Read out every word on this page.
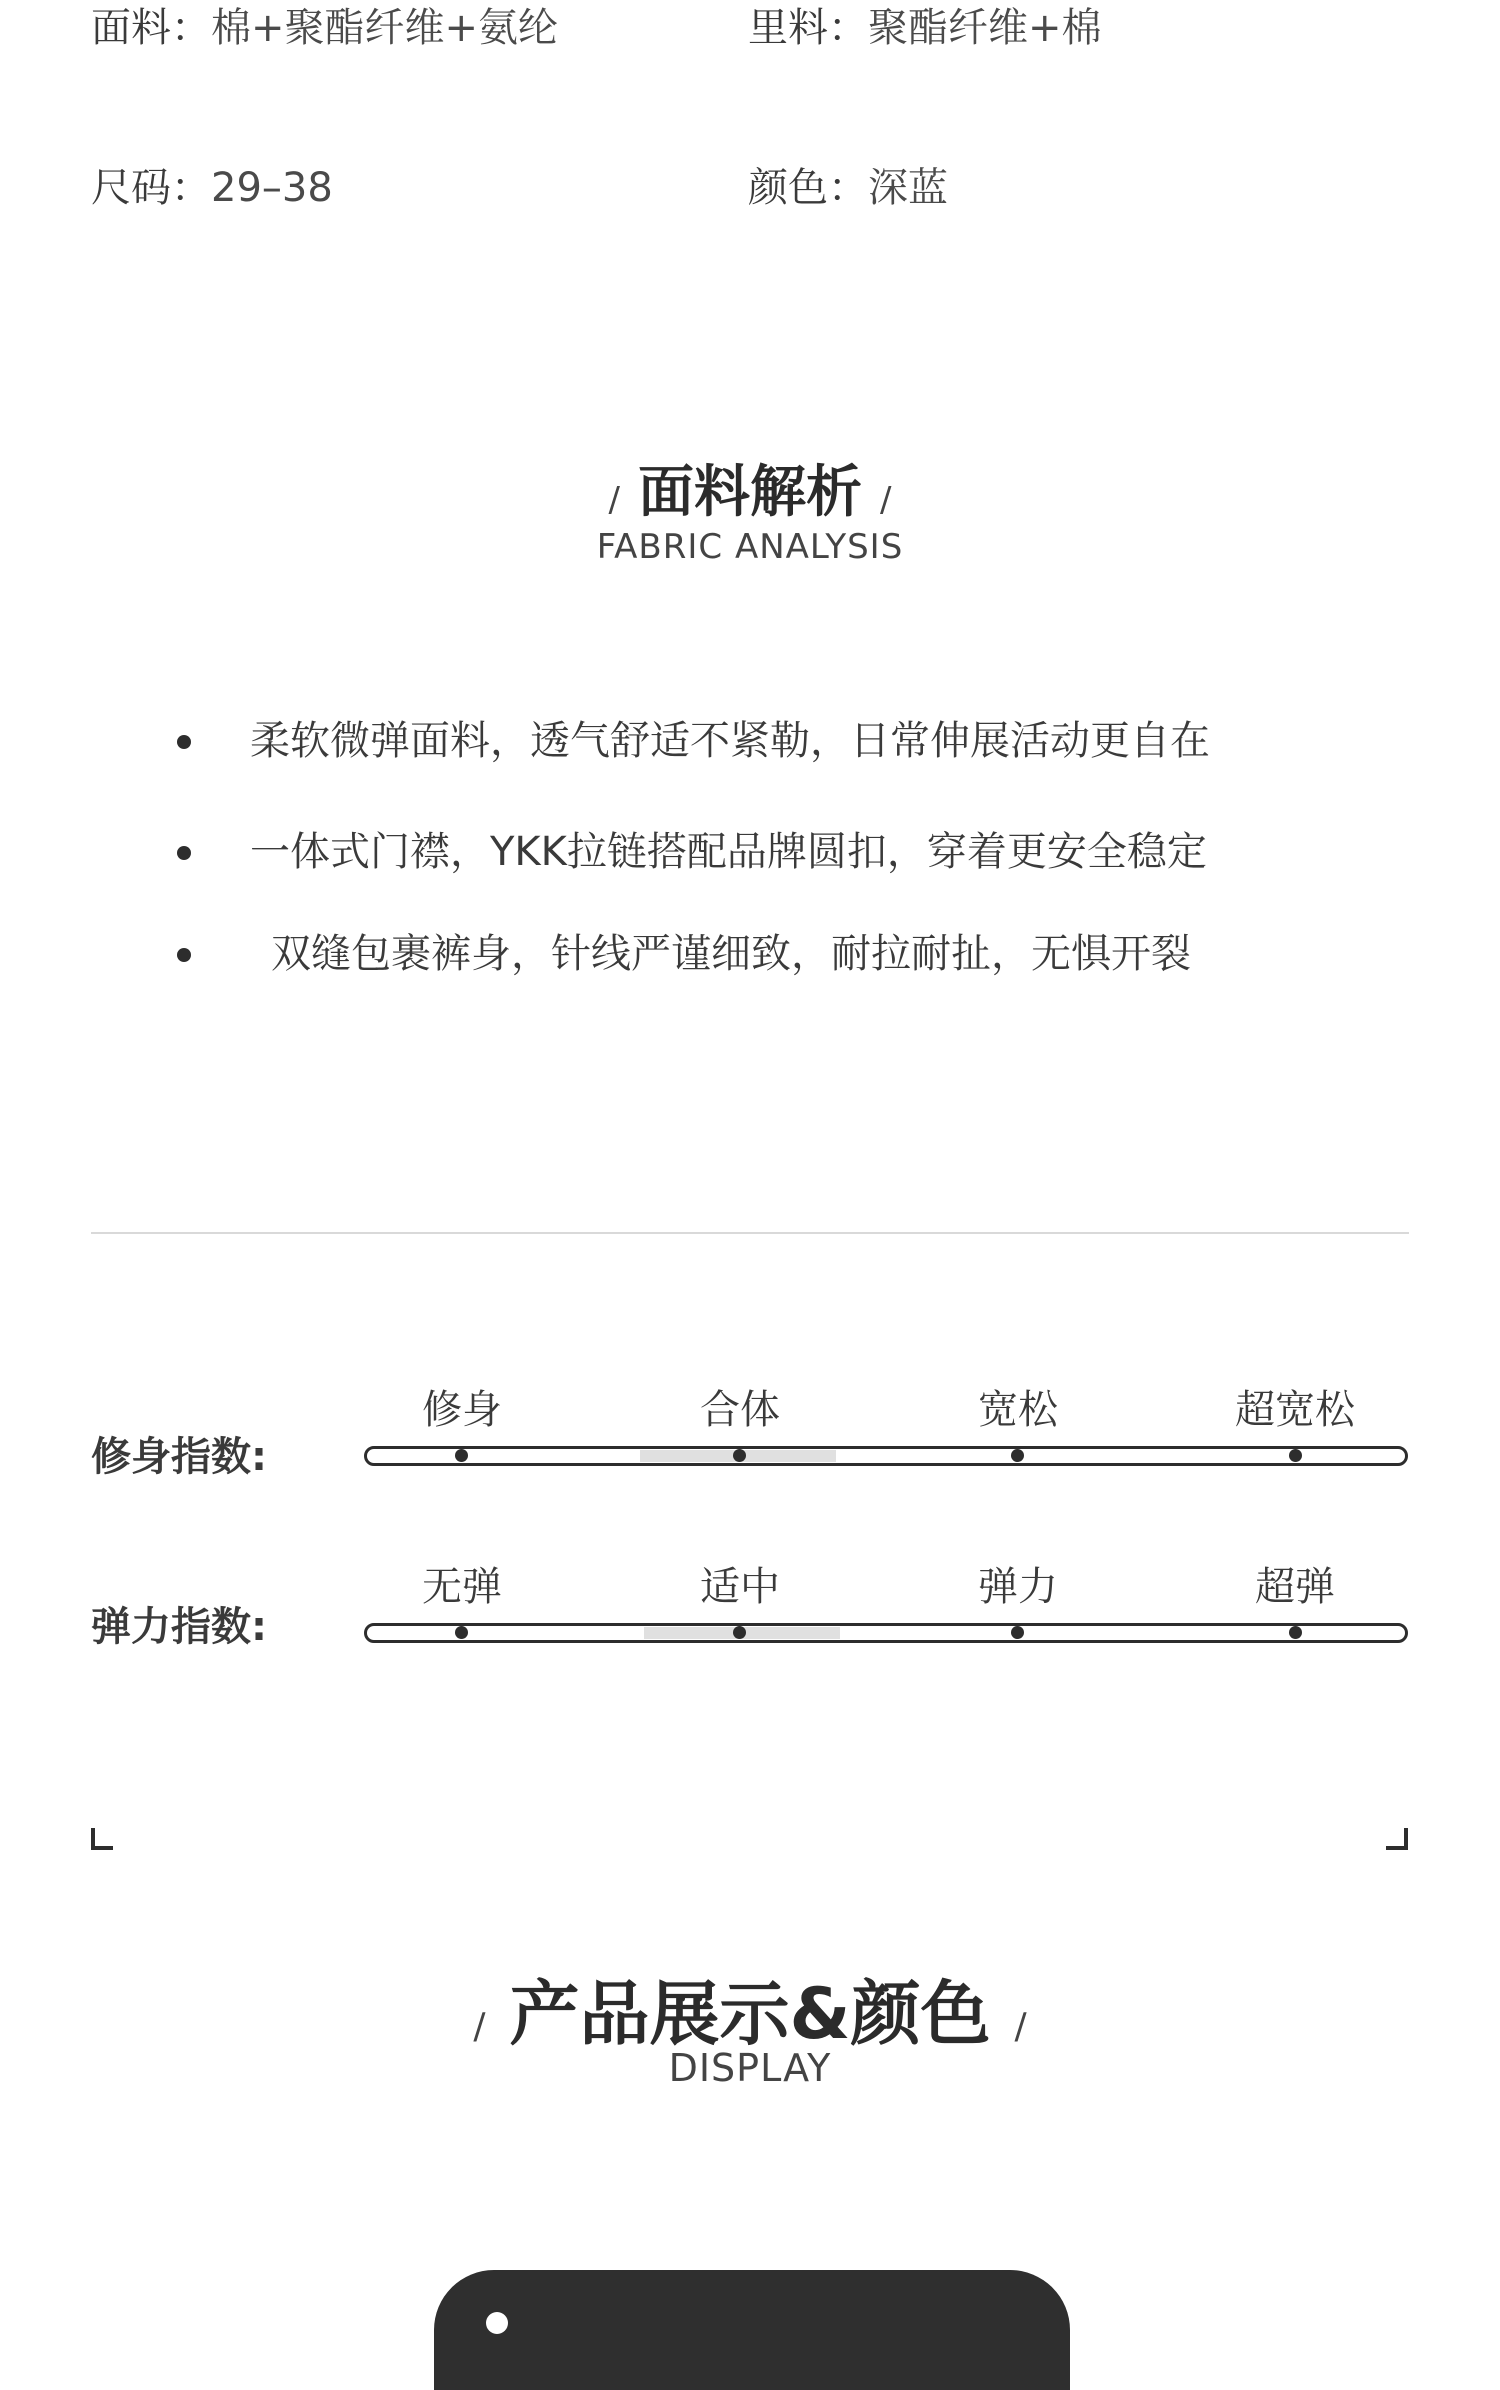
面料：棉+聚酯纤维+氨纶	里料：聚酯纤维+棉
尺码：29–38	颜色：深蓝
/ 面料解析 /
FABRIC ANALYSIS
柔软微弹面料，透气舒适不紧勒，日常伸展活动更自在
一体式门襟，YKK拉链搭配品牌圆扣，穿着更安全稳定
双缝包裹裤身，针线严谨细致，耐拉耐扯，无惧开裂
修身	合体	宽松	超宽松
修身指数:
无弹	适中	弹力	超弹
弹力指数:
/ 产品展示&颜色 /
DISPLAY
